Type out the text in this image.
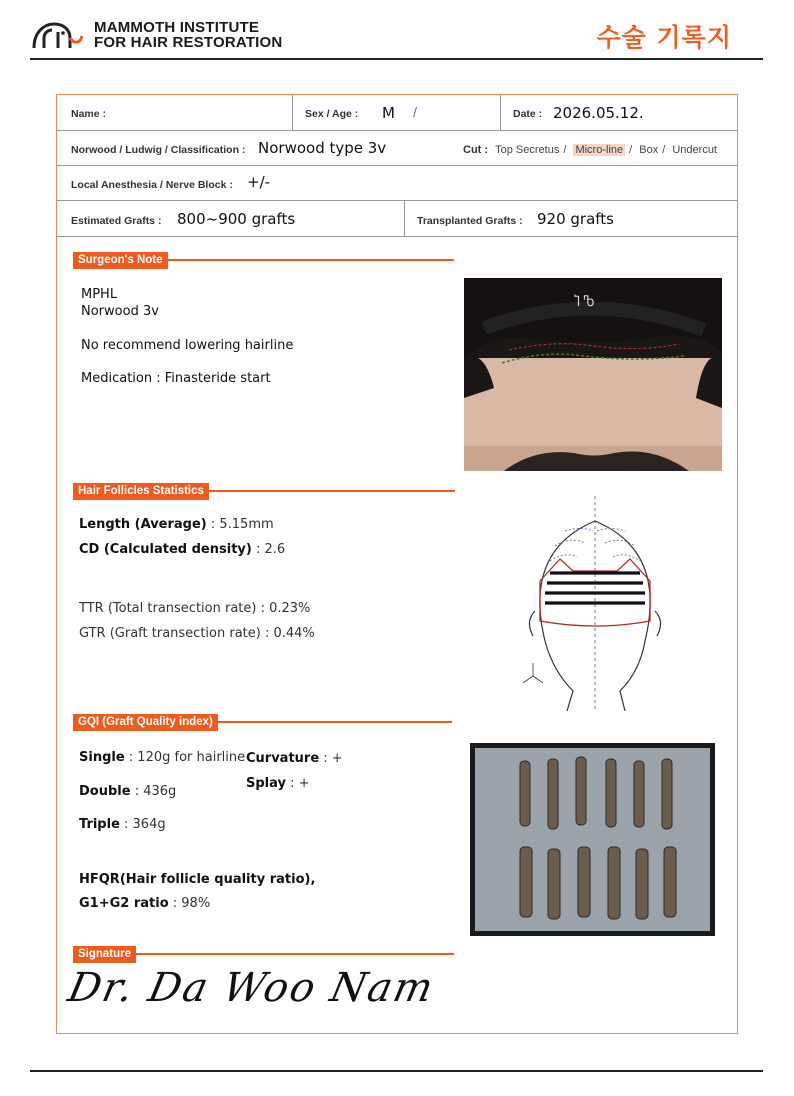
MAMMOTH INSTITUTE
FOR HAIR RESTORATION	수술 기록지
Name :	Sex / Age : M /	Date : 2026.05.12.
Norwood / Ludwig / Classification : Norwood type 3v	Cut : Top Secretus / Micro-line / Box / Undercut
Local Anesthesia / Nerve Block : +/-
Estimated Grafts : 800~900 grafts	Transplanted Grafts : 920 grafts
Surgeon's Note
MPHL
Norwood 3v
No recommend lowering hairline
Medication : Finasteride start
Ⴈ Ⴊ
Hair Follicles Statistics
Length (Average) : 5.15mm
CD (Calculated density) : 2.6
TTR (Total transection rate) : 0.23%
GTR (Graft transection rate) : 0.44%
GQI (Graft Quality index)
Single : 120g for hairline Curvature : +
Splay : +
Double : 436g
Triple : 364g
HFQR(Hair follicle quality ratio),
G1+G2 ratio : 98%
Signature
Dr. Da Woo Nam
